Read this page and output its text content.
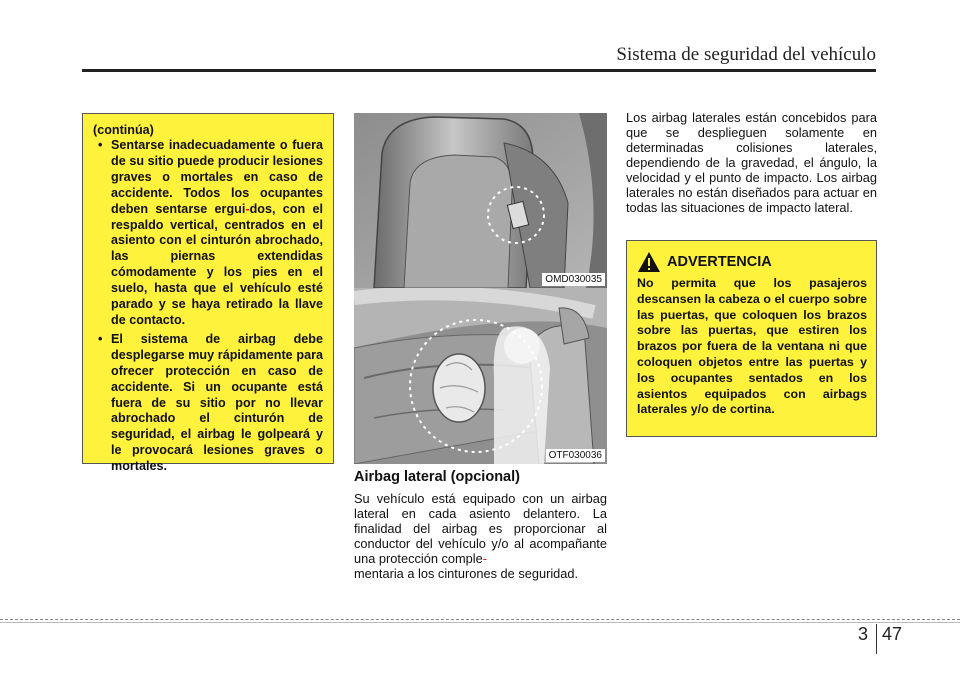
Sistema de seguridad del vehículo
(continúa)
• Sentarse inadecuadamente o fuera de su sitio puede producir lesiones graves o mortales en caso de accidente. Todos los ocupantes deben sentarse ergui-dos, con el respaldo vertical, centrados en el asiento con el cinturón abrochado, las piernas extendidas cómodamente y los pies en el suelo, hasta que el vehículo esté parado y se haya retirado la llave de contacto.
• El sistema de airbag debe desplegarse muy rápidamente para ofrecer protección en caso de accidente. Si un ocupante está fuera de su sitio por no llevar abrochado el cinturón de seguridad, el airbag le golpeará y le provocará lesiones graves o mortales.
OMD030035
OTF030036
Airbag lateral (opcional)

Su vehículo está equipado con un airbag lateral en cada asiento delantero. La finalidad del airbag es proporcionar al conductor del vehículo y/o al acompañante una protección comple-
mentaria a los cinturones de seguridad.

Los airbag laterales están concebidos para que se desplieguen solamente en determinadas colisiones laterales, dependiendo de la gravedad, el ángulo, la velocidad y el punto de impacto. Los airbag laterales no están diseñados para actuar en todas las situaciones de impacto lateral.

ADVERTENCIA

No permita que los pasajeros descansen la cabeza o el cuerpo sobre las puertas, que coloquen los brazos sobre las puertas, que estiren los brazos por fuera de la ventana ni que coloquen objetos entre las puertas y los ocupantes sentados en los asientos equipados con airbags laterales y/o de cortina.

3 47
